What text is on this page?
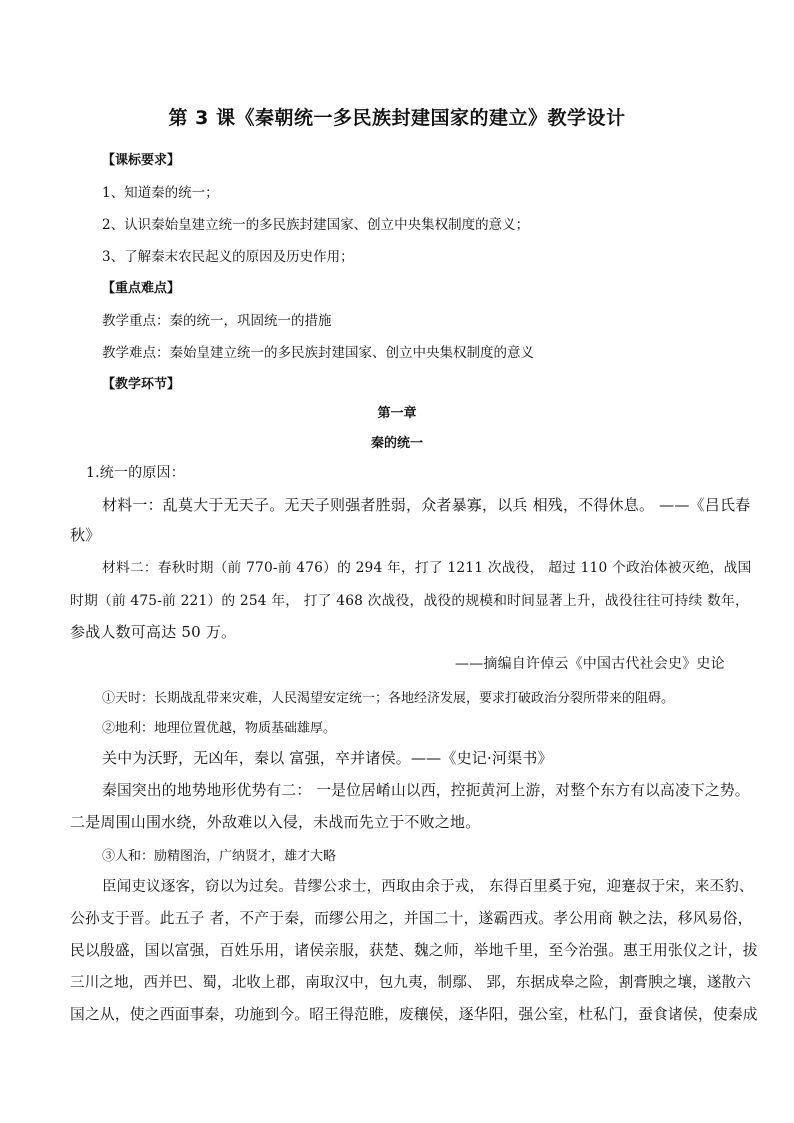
第 3 课《秦朝统一多民族封建国家的建立》教学设计
【课标要求】
1、知道秦的统一；
2、认识秦始皇建立统一的多民族封建国家、创立中央集权制度的意义；
3、了解秦末农民起义的原因及历史作用；
【重点难点】
教学重点：秦的统一，巩固统一的措施
教学难点：秦始皇建立统一的多民族封建国家、创立中央集权制度的意义
【教学环节】
第一章
秦的统一
1.统一的原因：
材料一：乱莫大于无天子。无天子则强者胜弱，众者暴寡，以兵 相残，不得休息。 ——《吕氏春
秋》
材料二：春秋时期（前 770-前 476）的 294 年，打了 1211 次战役， 超过 110 个政治体被灭绝，战国
时期（前 475-前 221）的 254 年， 打了 468 次战役，战役的规模和时间显著上升，战役往往可持续 数年，
参战人数可高达 50 万。
——摘编自许倬云《中国古代社会史》史论
①天时：长期战乱带来灾难，人民渴望安定统一；各地经济发展，要求打破政治分裂所带来的阻碍。
②地利：地理位置优越，物质基础雄厚。
关中为沃野，无凶年，秦以 富强，卒并诸侯。——《史记·河渠书》
秦国突出的地势地形优势有二： 一是位居崤山以西，控扼黄河上游，对整个东方有以高凌下之势。
二是周围山围水绕，外敌难以入侵，未战而先立于不败之地。
③人和：励精图治，广纳贤才，雄才大略
臣闻吏议逐客，窃以为过矣。昔缪公求士，西取由余于戎， 东得百里奚于宛，迎蹇叔于宋，来丕豹、
公孙支于晋。此五子 者，不产于秦，而缪公用之，并国二十，遂霸西戎。孝公用商 鞅之法，移风易俗，
民以殷盛，国以富强，百姓乐用，诸侯亲服，获楚、魏之师，举地千里，至今治强。惠王用张仪之计，拔
三川之地，西并巴、蜀，北收上郡，南取汉中，包九夷，制鄢、 郢，东据成皋之险，割膏腴之壤，遂散六
国之从，使之西面事秦，功施到今。昭王得范睢，废穰侯，逐华阳，强公室，杜私门，蚕食诸侯，使秦成
